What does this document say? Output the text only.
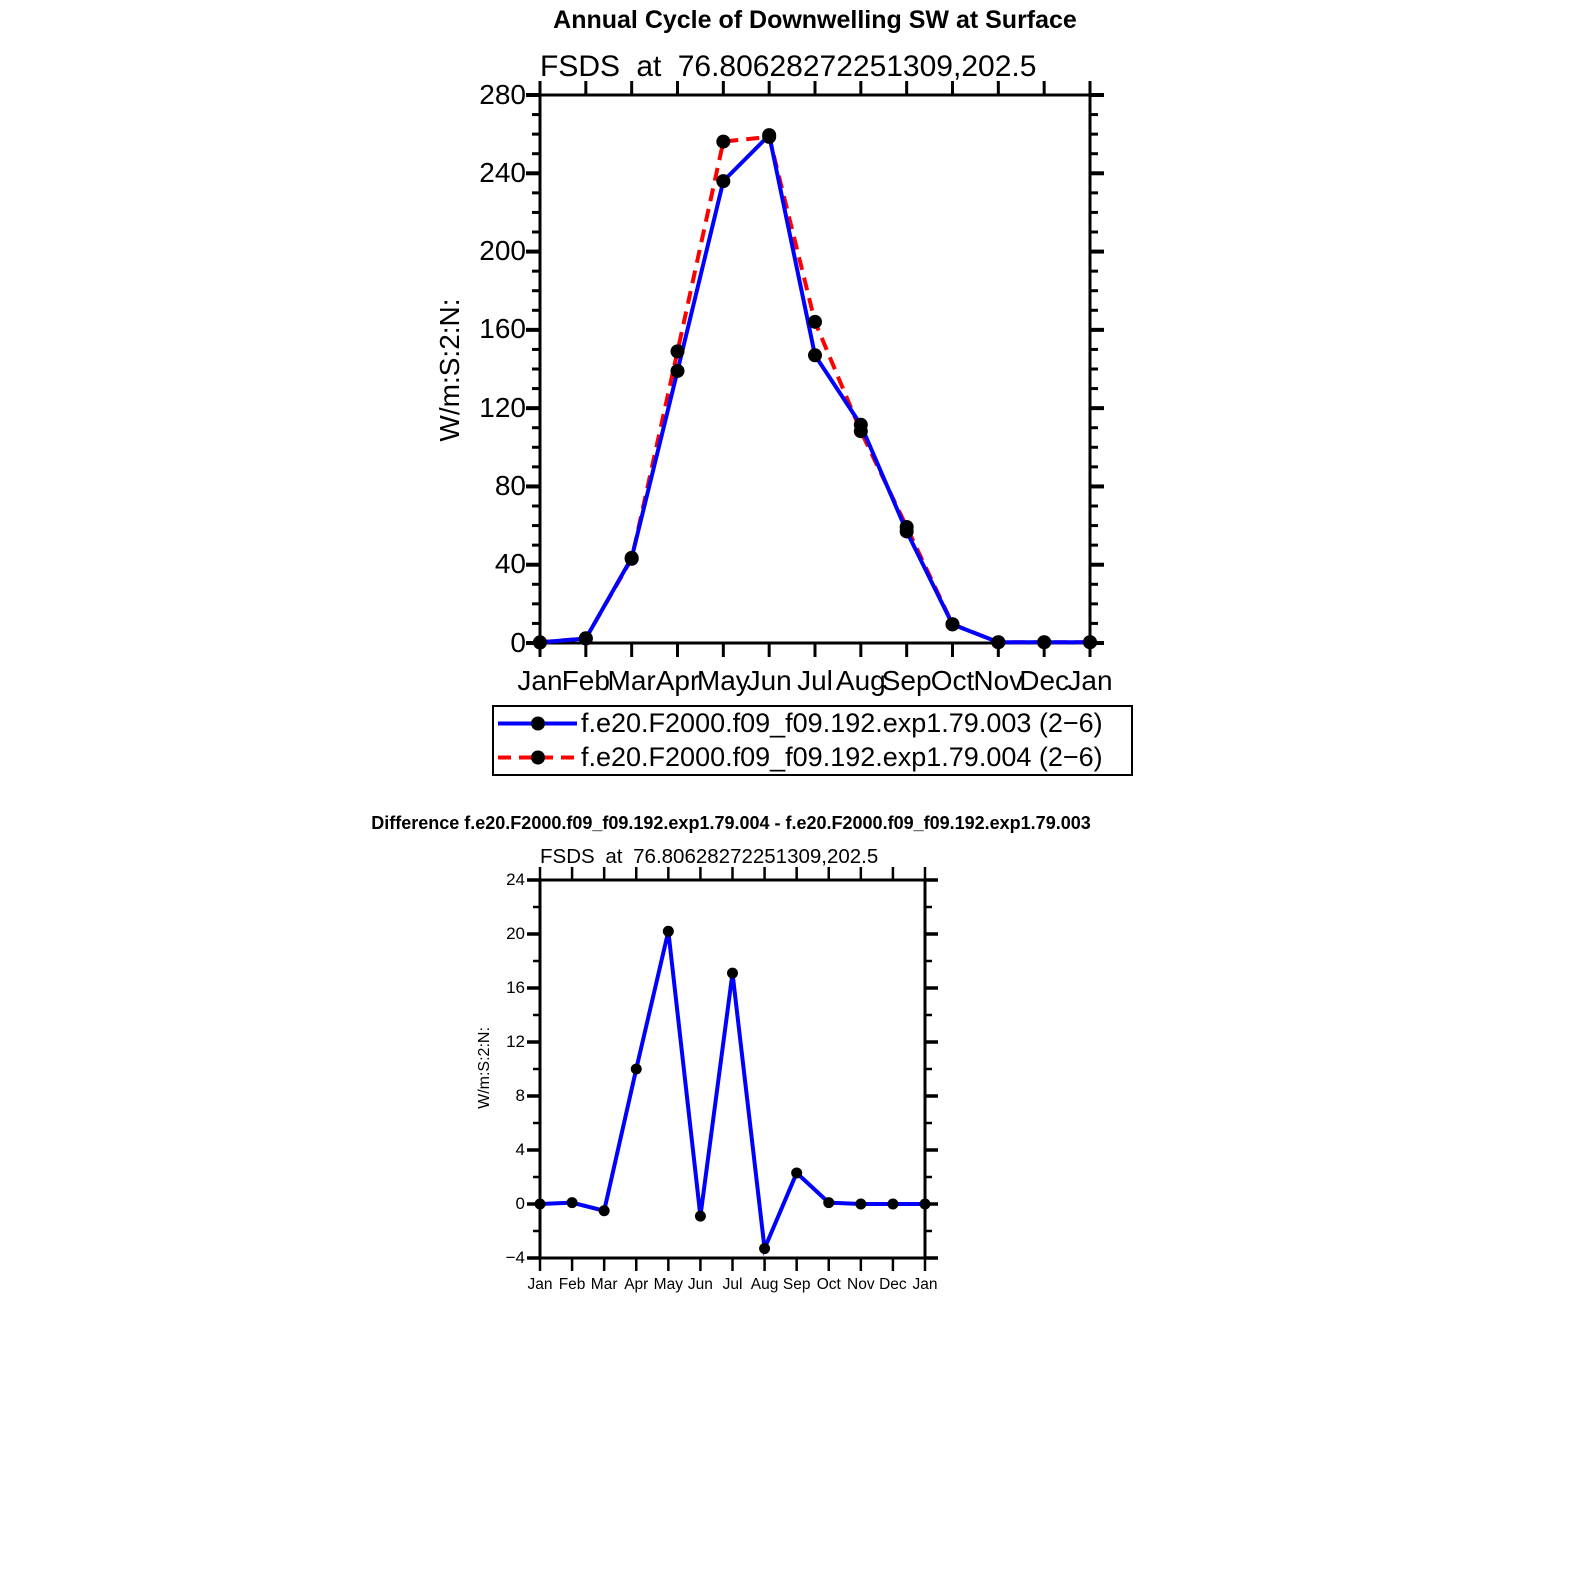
Annual Cycle of Downwelling SW at Surface
FSDS at 76.80628272251309,202.5
W/m:S:2:N:
Jan Feb
Mar Apr
May
Jun Jul Aug
Sep Oct Nov
Dec
Jan
0
40
80
120
160
200
240
280
f.e20.F2000.f09_f09.192.exp1.79.003 (2−6)
f.e20.F2000.f09_f09.192.exp1.79.004 (2−6)
Difference f.e20.F2000.f09_f09.192.exp1.79.004 - f.e20.F2000.f09_f09.192.exp1.79.003
FSDS at 76.80628272251309,202.5
W/m:S:2:N:
Jan Feb Mar Apr May Jun Jul Aug Sep Oct Nov Dec Jan
−4
0
4
8
12
16
20
24
